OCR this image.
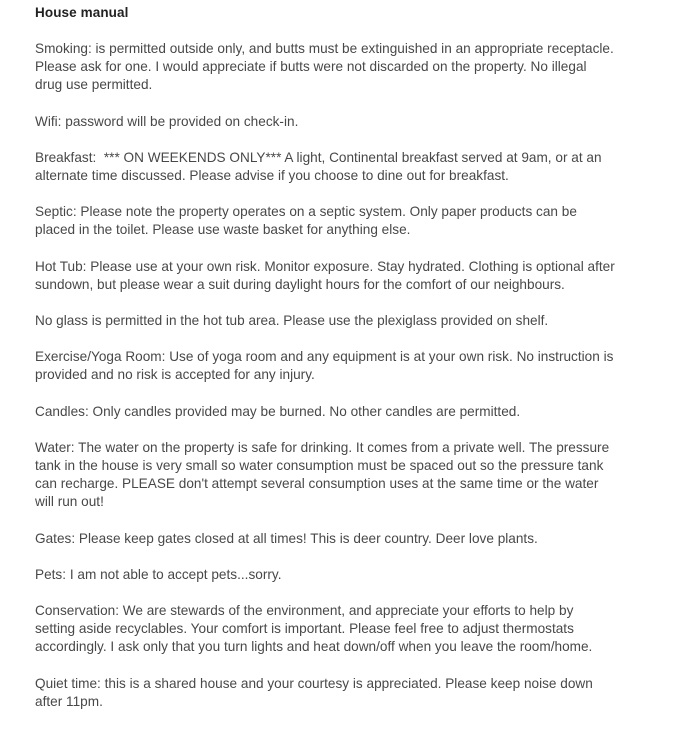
House manual

Smoking: is permitted outside only, and butts must be extinguished in an appropriate receptacle. Please ask for one. I would appreciate if butts were not discarded on the property. No illegal drug use permitted.

Wifi: password will be provided on check-in.

Breakfast:  *** ON WEEKENDS ONLY*** A light, Continental breakfast served at 9am, or at an alternate time discussed. Please advise if you choose to dine out for breakfast.

Septic: Please note the property operates on a septic system. Only paper products can be placed in the toilet. Please use waste basket for anything else.

Hot Tub: Please use at your own risk. Monitor exposure. Stay hydrated. Clothing is optional after sundown, but please wear a suit during daylight hours for the comfort of our neighbours.

No glass is permitted in the hot tub area. Please use the plexiglass provided on shelf.

Exercise/Yoga Room: Use of yoga room and any equipment is at your own risk. No instruction is provided and no risk is accepted for any injury.

Candles: Only candles provided may be burned. No other candles are permitted.

Water: The water on the property is safe for drinking. It comes from a private well. The pressure tank in the house is very small so water consumption must be spaced out so the pressure tank can recharge. PLEASE don't attempt several consumption uses at the same time or the water will run out!

Gates: Please keep gates closed at all times! This is deer country. Deer love plants.

Pets: I am not able to accept pets...sorry.

Conservation: We are stewards of the environment, and appreciate your efforts to help by setting aside recyclables. Your comfort is important. Please feel free to adjust thermostats accordingly. I ask only that you turn lights and heat down/off when you leave the room/home.

Quiet time: this is a shared house and your courtesy is appreciated. Please keep noise down after 11pm.
